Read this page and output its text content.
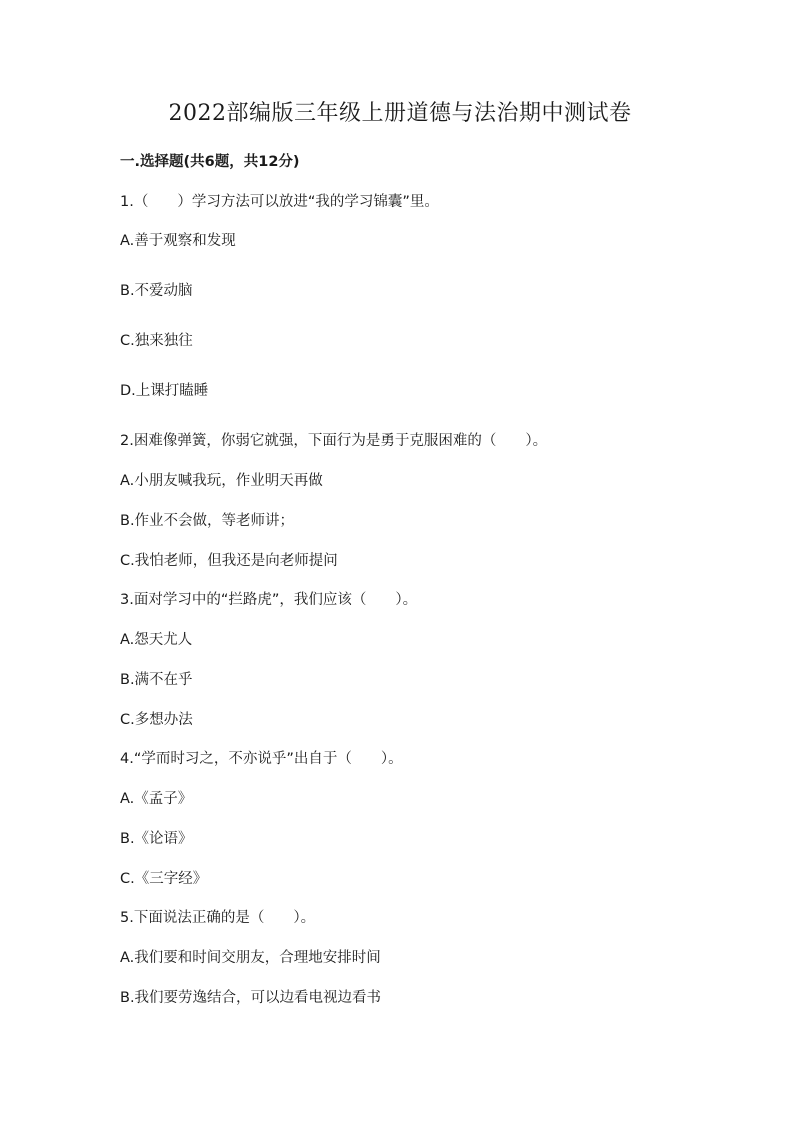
2022部编版三年级上册道德与法治期中测试卷
一.选择题(共6题，共12分)
1.（　　）学习方法可以放进“我的学习锦囊”里。
A.善于观察和发现
B.不爱动脑
C.独来独往
D.上课打瞌睡
2.困难像弹簧，你弱它就强，下面行为是勇于克服困难的（　　）。
A.小朋友喊我玩，作业明天再做
B.作业不会做，等老师讲；
C.我怕老师，但我还是向老师提问
3.面对学习中的“拦路虎”，我们应该（　　）。
A.怨天尤人
B.满不在乎
C.多想办法
4.“学而时习之，不亦说乎”出自于（　　）。
A.《孟子》
B.《论语》
C.《三字经》
5.下面说法正确的是（　　）。
A.我们要和时间交朋友，合理地安排时间
B.我们要劳逸结合，可以边看电视边看书
